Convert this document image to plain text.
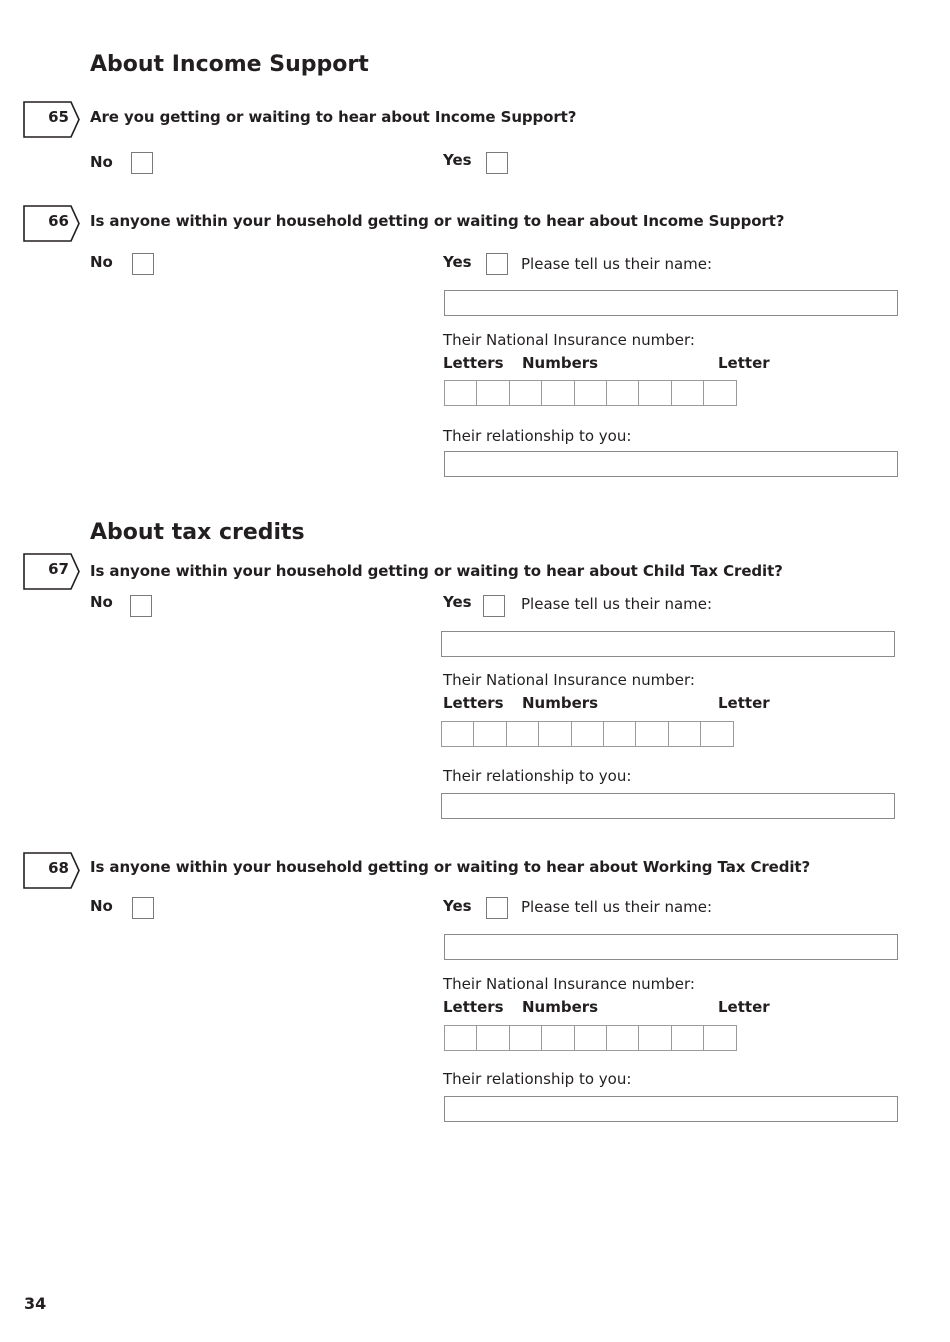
About Income Support
65 Are you getting or waiting to hear about Income Support?
No	Yes
66 Is anyone within your household getting or waiting to hear about Income Support?
No	Yes	Please tell us their name:
Their National Insurance number:
Letters Numbers	Letter
Their relationship to you:
About tax credits
67 Is anyone within your household getting or waiting to hear about Child Tax Credit?
No	Yes	Please tell us their name:
Their National Insurance number:
Letters Numbers	Letter
Their relationship to you:
68 Is anyone within your household getting or waiting to hear about Working Tax Credit?
No	Yes	Please tell us their name:
Their National Insurance number:
Letters Numbers	Letter
Their relationship to you:
34
